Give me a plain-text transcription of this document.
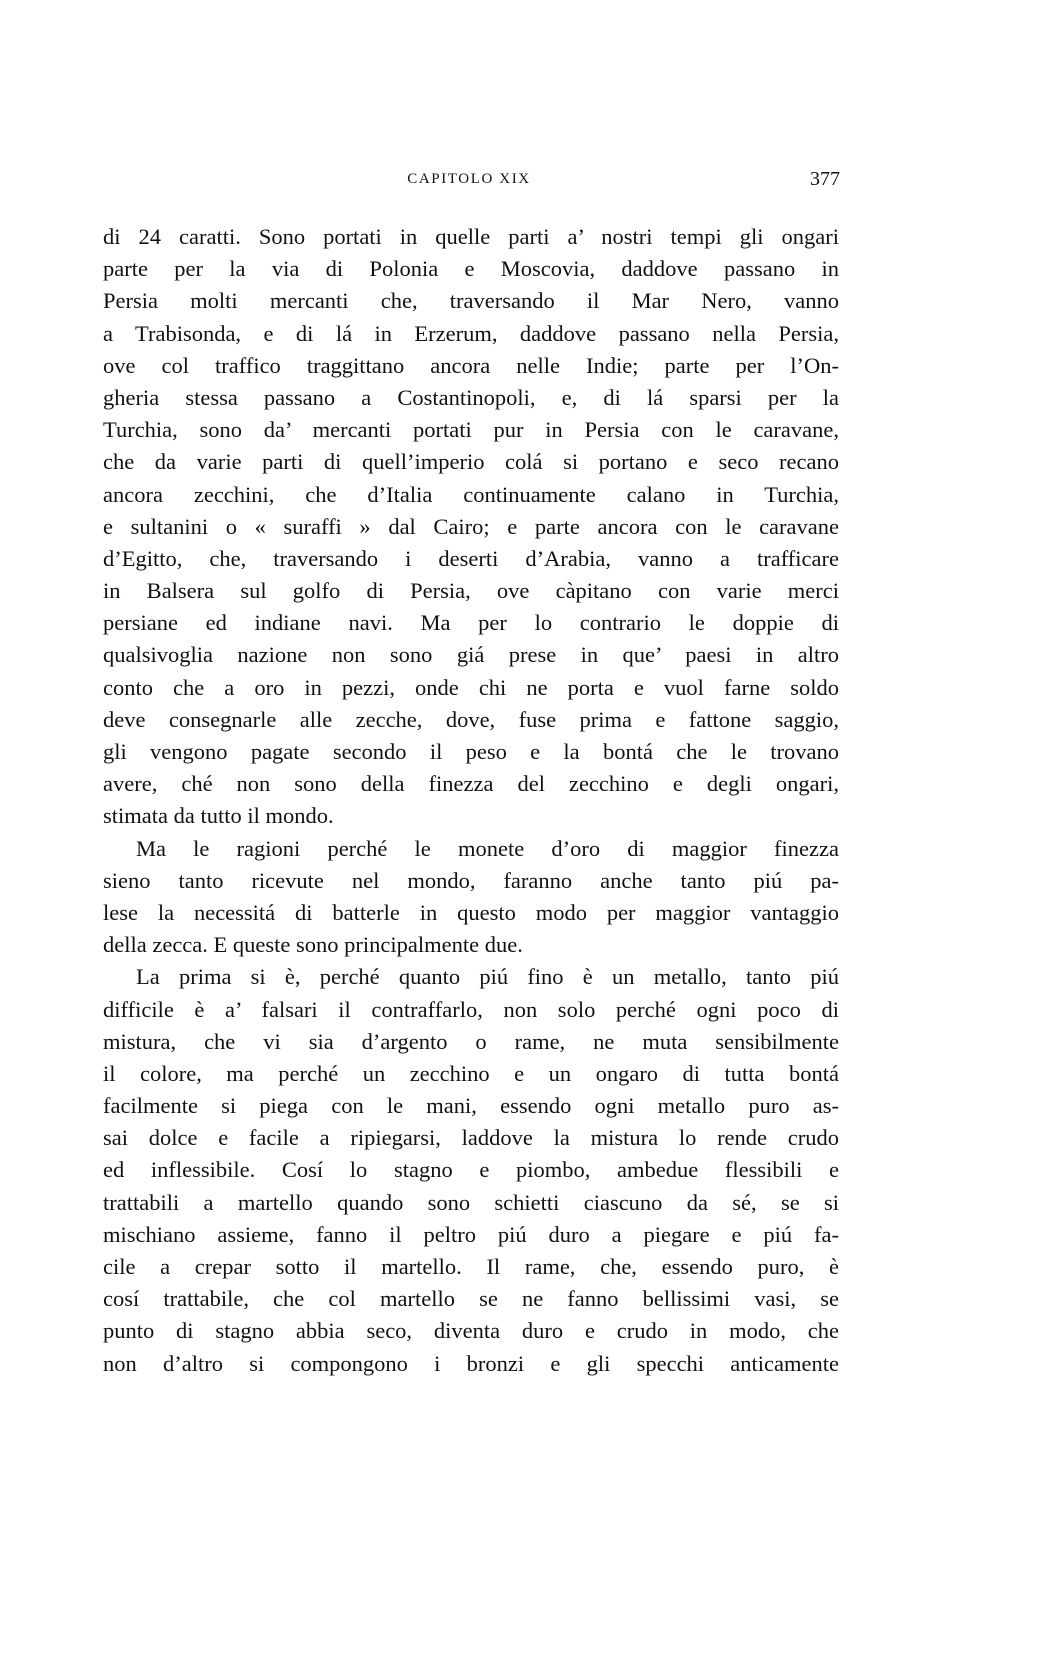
CAPITOLO XIX	377
di 24 caratti. Sono portati in quelle parti a’ nostri tempi gli ongari
parte per la via di Polonia e Moscovia, daddove passano in
Persia molti mercanti che, traversando il Mar Nero, vanno
a Trabisonda, e di lá in Erzerum, daddove passano nella Persia,
ove col traffico traggittano ancora nelle Indie; parte per l’On-
gheria stessa passano a Costantinopoli, e, di lá sparsi per la
Turchia, sono da’ mercanti portati pur in Persia con le caravane,
che da varie parti di quell’imperio colá si portano e seco recano
ancora zecchini, che d’Italia continuamente calano in Turchia,
e sultanini o « suraffi » dal Cairo; e parte ancora con le caravane
d’Egitto, che, traversando i deserti d’Arabia, vanno a trafficare
in Balsera sul golfo di Persia, ove càpitano con varie merci
persiane ed indiane navi. Ma per lo contrario le doppie di
qualsivoglia nazione non sono giá prese in que’ paesi in altro
conto che a oro in pezzi, onde chi ne porta e vuol farne soldo
deve consegnarle alle zecche, dove, fuse prima e fattone saggio,
gli vengono pagate secondo il peso e la bontá che le trovano
avere, ché non sono della finezza del zecchino e degli ongari,
stimata da tutto il mondo.
Ma le ragioni perché le monete d’oro di maggior finezza
sieno tanto ricevute nel mondo, faranno anche tanto piú pa-
lese la necessitá di batterle in questo modo per maggior vantaggio
della zecca. E queste sono principalmente due.
La prima si è, perché quanto piú fino è un metallo, tanto piú
difficile è a’ falsari il contraffarlo, non solo perché ogni poco di
mistura, che vi sia d’argento o rame, ne muta sensibilmente
il colore, ma perché un zecchino e un ongaro di tutta bontá
facilmente si piega con le mani, essendo ogni metallo puro as-
sai dolce e facile a ripiegarsi, laddove la mistura lo rende crudo
ed inflessibile. Cosí lo stagno e piombo, ambedue flessibili e
trattabili a martello quando sono schietti ciascuno da sé, se si
mischiano assieme, fanno il peltro piú duro a piegare e piú fa-
cile a crepar sotto il martello. Il rame, che, essendo puro, è
cosí trattabile, che col martello se ne fanno bellissimi vasi, se
punto di stagno abbia seco, diventa duro e crudo in modo, che
non d’altro si compongono i bronzi e gli specchi anticamente
